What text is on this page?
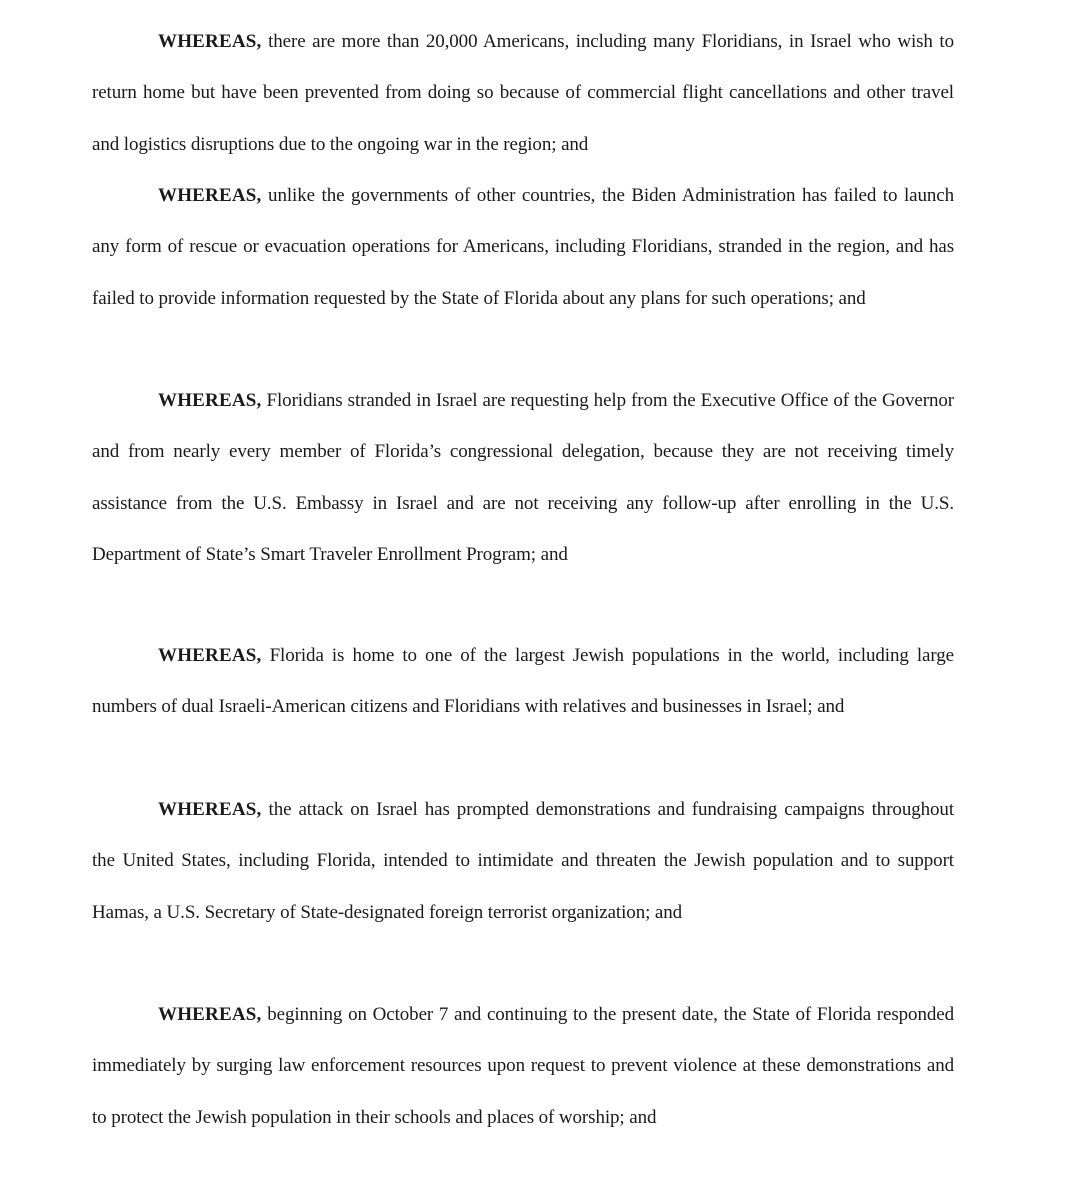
WHEREAS, there are more than 20,000 Americans, including many Floridians, in Israel who wish to return home but have been prevented from doing so because of commercial flight cancellations and other travel and logistics disruptions due to the ongoing war in the region; and

WHEREAS, unlike the governments of other countries, the Biden Administration has failed to launch any form of rescue or evacuation operations for Americans, including Floridians, stranded in the region, and has failed to provide information requested by the State of Florida about any plans for such operations; and

WHEREAS, Floridians stranded in Israel are requesting help from the Executive Office of the Governor and from nearly every member of Florida’s congressional delegation, because they are not receiving timely assistance from the U.S. Embassy in Israel and are not receiving any follow-up after enrolling in the U.S. Department of State’s Smart Traveler Enrollment Program; and

WHEREAS, Florida is home to one of the largest Jewish populations in the world, including large numbers of dual Israeli-American citizens and Floridians with relatives and businesses in Israel; and

WHEREAS, the attack on Israel has prompted demonstrations and fundraising campaigns throughout the United States, including Florida, intended to intimidate and threaten the Jewish population and to support Hamas, a U.S. Secretary of State-designated foreign terrorist organization; and

WHEREAS, beginning on October 7 and continuing to the present date, the State of Florida responded immediately by surging law enforcement resources upon request to prevent violence at these demonstrations and to protect the Jewish population in their schools and places of worship; and
